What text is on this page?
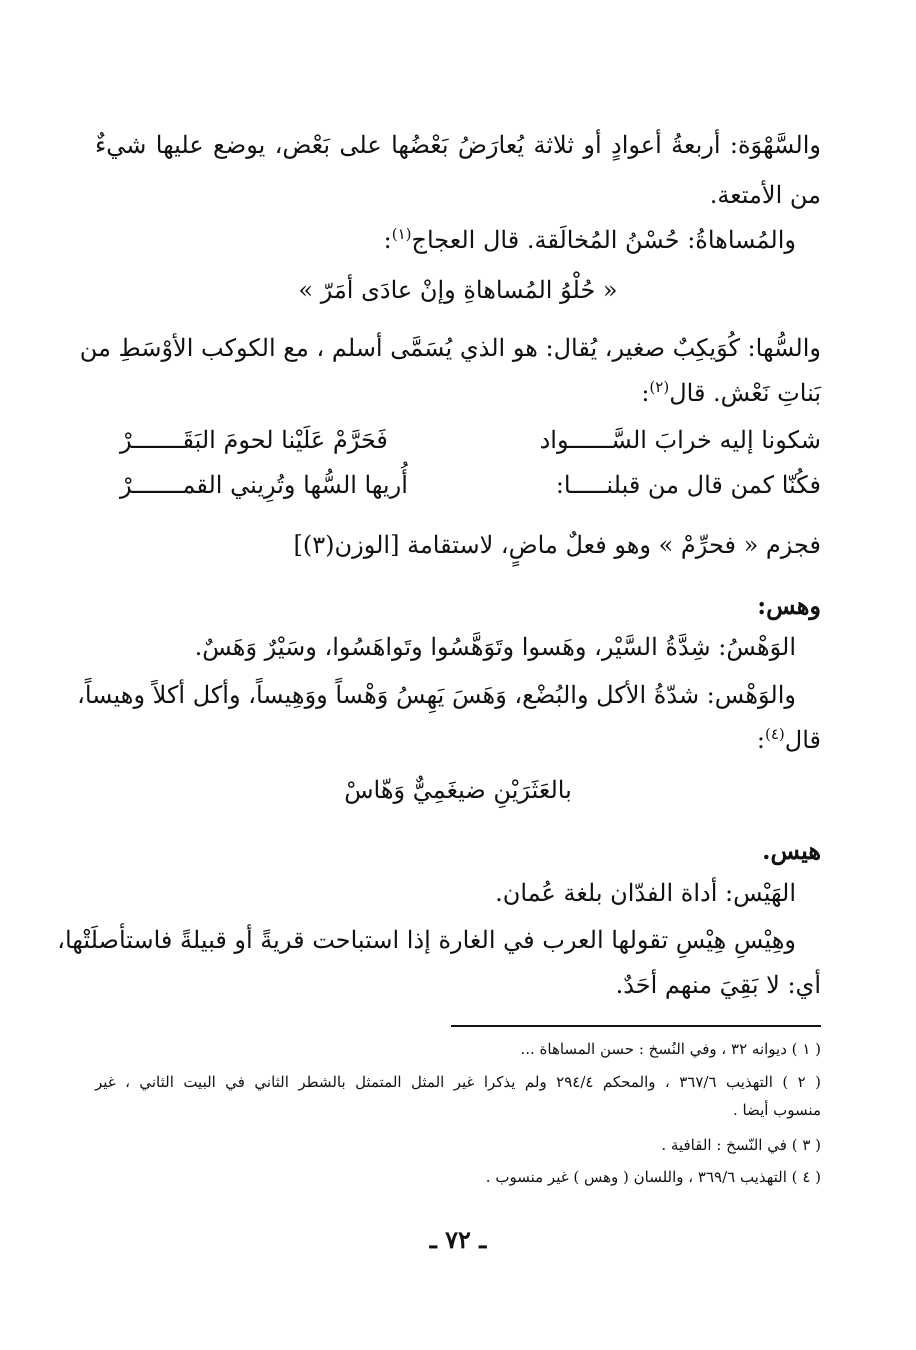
والسَّهْوَة: أربعةُ أعوادٍ أو ثلاثة يُعارَضُ بَعْضُها على بَعْض، يوضع عليها شيءٌ
من الأمتعة.
والمُساهاةُ: حُسْنُ المُخالَقة. قال العجاج$^{(١)}$:
« حُلْوُ المُساهاةِ وإنْ عادَى أمَرّ »
والسُّها: كُوَيكِبٌ صغير، يُقال: هو الذي يُسَمَّى أسلم ، مع الكوكب الأوْسَطِ من
بَناتِ نَعْش. قال$^{(٢)}$:
شكونا إليه خرابَ السَّــــــواد
فَحَرَّمْ عَلَيْنا لحومَ البَقَـــــــرْ
فكُنّا كمن قال من قبلنـــــا:
أُريها السُّها وتُرِيني القمـــــــرْ
فجزم « فحرِّمْ » وهو فعلٌ ماضٍ، لاستقامة [الوزن(٣)]
وهس:
الوَهْسُ: شِدَّةُ السَّيْر، وهَسوا وتَوَهَّسُوا وتَواهَسُوا، وسَيْرٌ وَهَسٌ.
والوَهْس: شدّةُ الأكل والبُضْع، وَهَسَ يَهِسُ وَهْساً ووَهِيساً، وأكل أكلاً وهيساً،
قال$^{(٤)}$:
بالعَثَرَيْنِ ضيغَمِيٌّ وَهّاسْ
هيس.
الهَيْس: أداة الفدّان بلغة عُمان.
وهِيْسِ هِيْسِ تقولها العرب في الغارة إذا استباحت قريةً أو قبيلةً فاستأصلَتْها،
أي: لا بَقِيَ منهم أحَدٌ.
( ١ ) ديوانه ٣٢ ، وفي النُسخ : حسن المساهاة ...
( ٢ ) التهذيب ٣٦٧/٦ ، والمحكم ٢٩٤/٤ ولم يذكرا غير المثل المتمثل بالشطر الثاني في البيت الثاني ، غير
منسوب أيضا .
( ٣ ) في النّسخ : القافية .
( ٤ ) التهذيب ٣٦٩/٦ ، واللسان ( وهس ) غير منسوب .
ـ ٧٢ ـ
